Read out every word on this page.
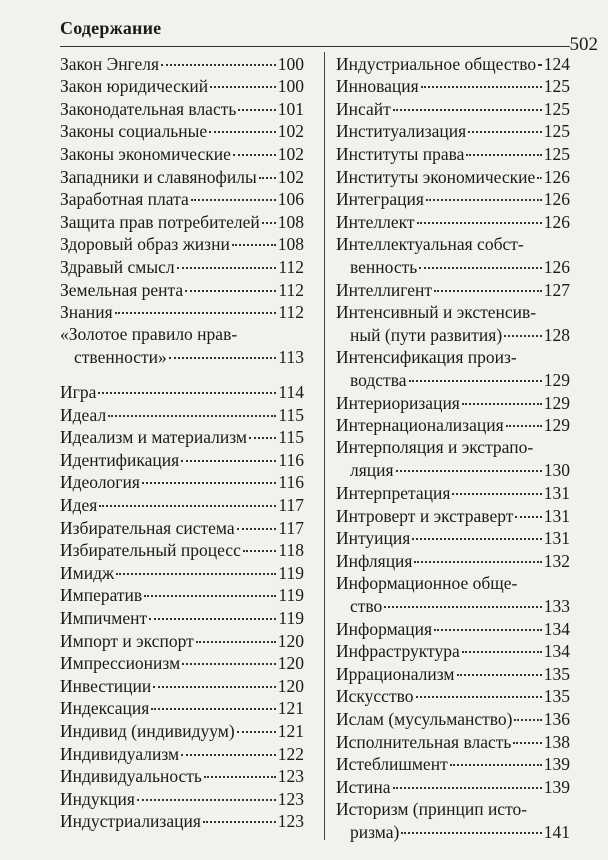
Содержание
502
Закон Энгеля	100
Закон юридический	100
Законодательная власть 101
Законы социальные	102
Законы экономические	102
Западники и славянофилы 102
Заработная плата	106
Защита прав потребителей 108
Здоровый образ жизни	108
Здравый смысл	112
Земельная рента	112
Знания	112
«Золотое правило нрав-
ственности»	113
Игра	114
Идеал	115
Идеализм и материализм 115
Идентификация	116
Идеология	116
Идея	117
Избирательная система	117
Избирательный процесс 118
Имидж	119
Императив	119
Импичмент	119
Импорт и экспорт	120
Импрессионизм	120
Инвестиции	120
Индексация	121
Индивид (индивидуум) 121
Индивидуализм	122
Индивидуальность	123
Индукция	123
Индустриализация	123
Индустриальное общество 124
Инновация	125
Инсайт	125
Институализация	125
Институты права	125
Институты экономические 126
Интеграция	126
Интеллект	126
Интеллектуальная собст-
венность	126
Интеллигент	127
Интенсивный и экстенсив-
ный (пути развития) 128
Интенсификация произ-
водства	129
Интериоризация	129
Интернационализация 129
Интерполяция и экстрапо-
ляция	130
Интерпретация	131
Интроверт и экстраверт 131
Интуиция	131
Инфляция	132
Информационное обще-
ство	133
Информация	134
Инфраструктура	134
Иррационализм	135
Искусство	135
Ислам (мусульманство) 136
Исполнительная власть 138
Истеблишмент	139
Истина	139
Историзм (принцип исто-
ризма)	141
